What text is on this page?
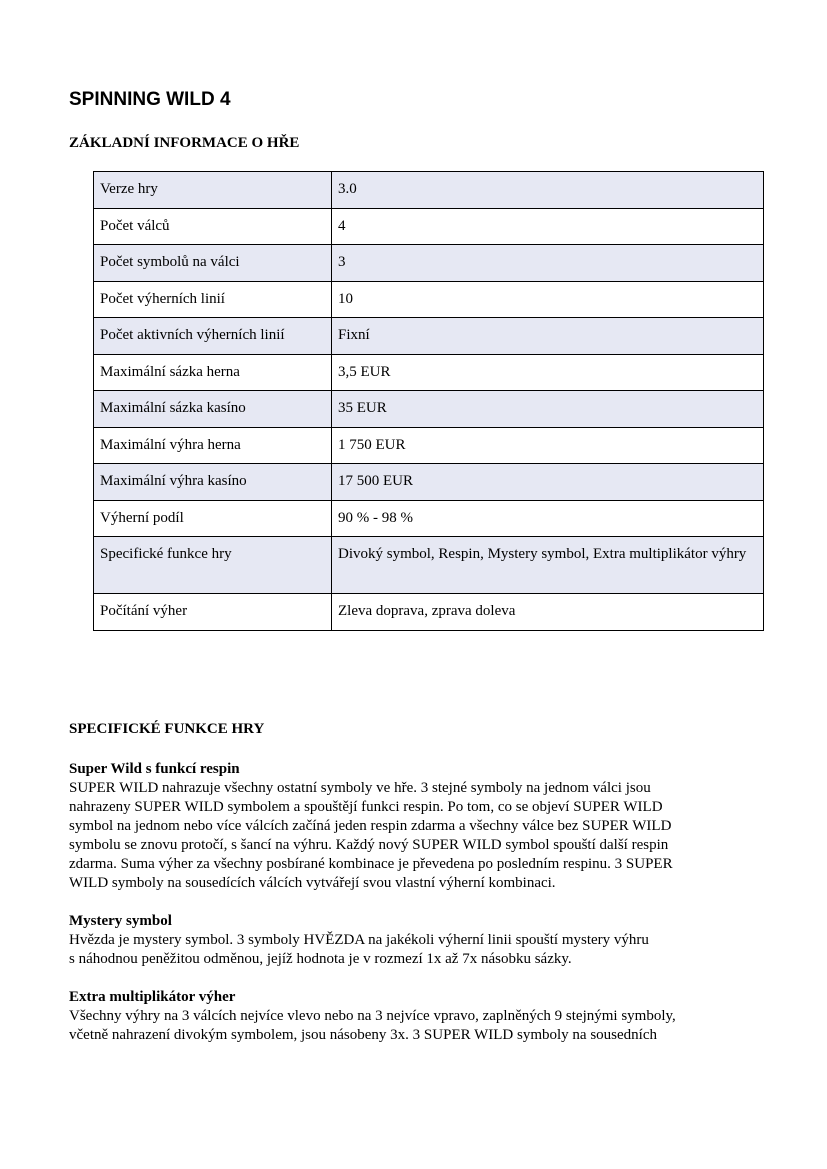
SPINNING WILD 4
ZÁKLADNÍ INFORMACE O HŘE
Verze hry	3.0
Počet válců	4
Počet symbolů na válci	3
Počet výherních linií	10
Počet aktivních výherních linií	Fixní
Maximální sázka herna	3,5 EUR
Maximální sázka kasíno	35 EUR
Maximální výhra herna	1 750 EUR
Maximální výhra kasíno	17 500 EUR
Výherní podíl	90 % - 98 %
Specifické funkce hry	Divoký symbol, Respin, Mystery symbol, Extra multiplikátor výhry
Počítání výher	Zleva doprava, zprava doleva
SPECIFICKÉ FUNKCE HRY
Super Wild s funkcí respin
SUPER WILD nahrazuje všechny ostatní symboly ve hře. 3 stejné symboly na jednom válci jsou
nahrazeny SUPER WILD symbolem a spouštějí funkci respin. Po tom, co se objeví SUPER WILD
symbol na jednom nebo více válcích začíná jeden respin zdarma a všechny válce bez SUPER WILD
symbolu se znovu protočí, s šancí na výhru. Každý nový SUPER WILD symbol spouští další respin
zdarma. Suma výher za všechny posbírané kombinace je převedena po posledním respinu. 3 SUPER
WILD symboly na sousedících válcích vytvářejí svou vlastní výherní kombinaci.
Mystery symbol
Hvězda je mystery symbol. 3 symboly HVĚZDA na jakékoli výherní linii spouští mystery výhru
s náhodnou peněžitou odměnou, jejíž hodnota je v rozmezí 1x až 7x násobku sázky.
Extra multiplikátor výher
Všechny výhry na 3 válcích nejvíce vlevo nebo na 3 nejvíce vpravo, zaplněných 9 stejnými symboly,
včetně nahrazení divokým symbolem, jsou násobeny 3x. 3 SUPER WILD symboly na sousedních
